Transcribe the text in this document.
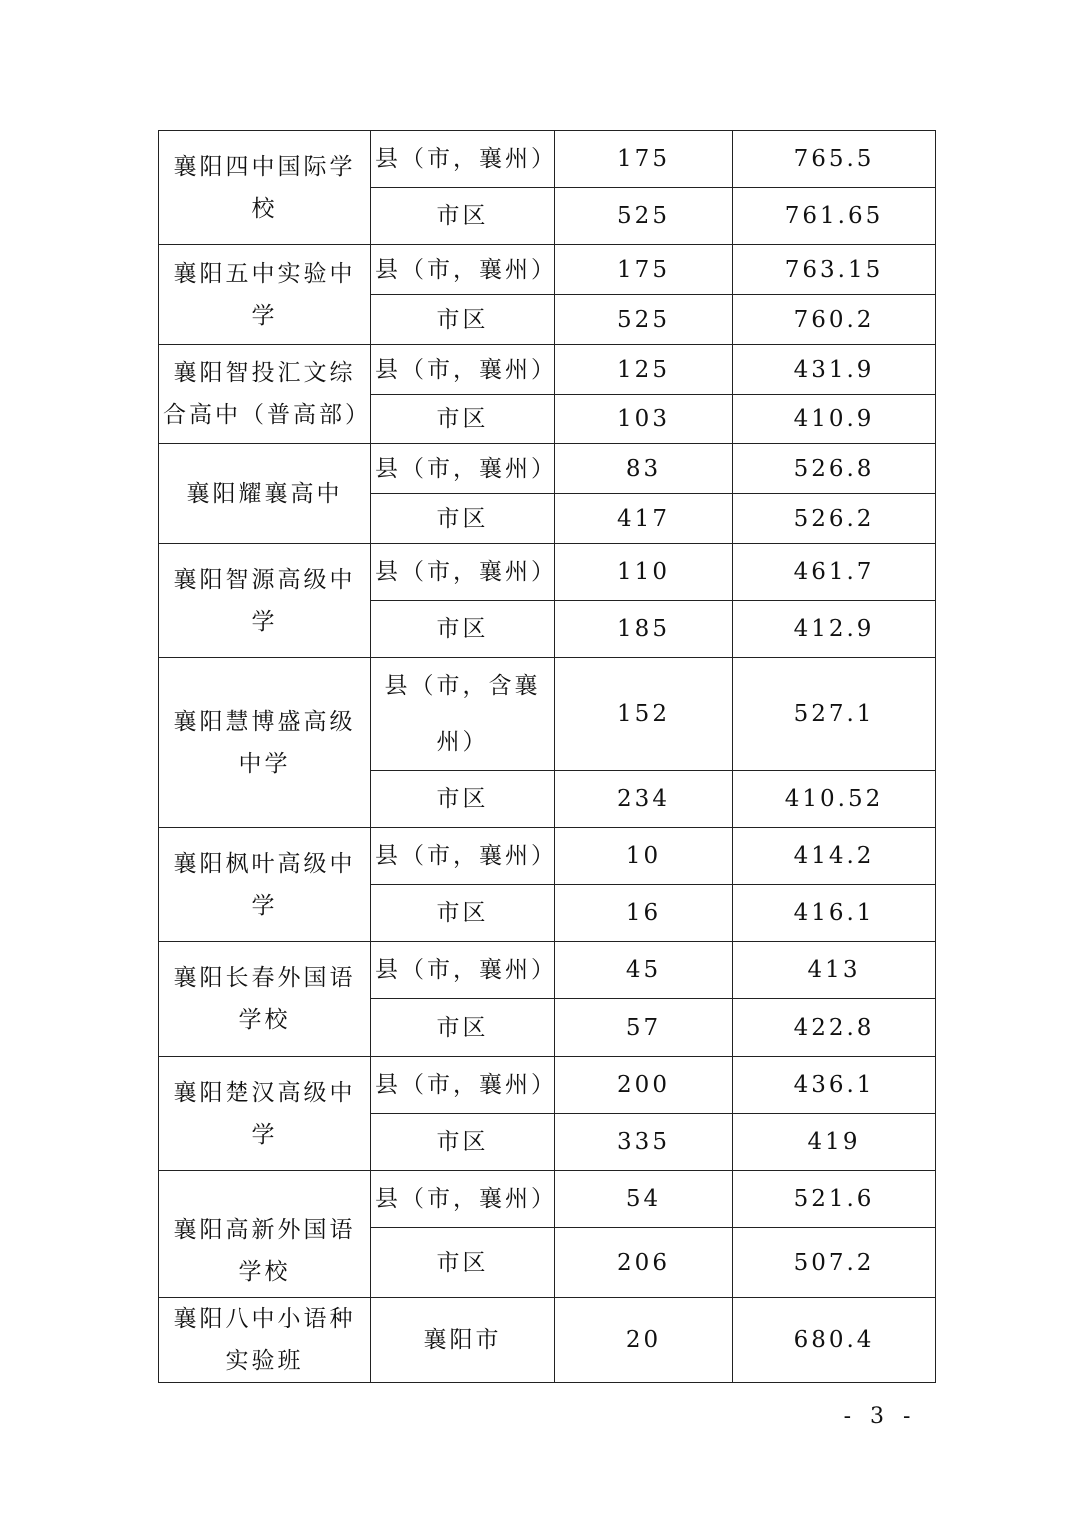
襄阳四中国际学校	县（市，襄州）	175	765.5
	市区	525	761.65
襄阳五中实验中学	县（市，襄州）	175	763.15
	市区	525	760.2
襄阳智投汇文综合高中（普高部）	县（市，襄州）	125	431.9
	市区	103	410.9
襄阳耀襄高中	县（市，襄州）	83	526.8
	市区	417	526.2
襄阳智源高级中学	县（市，襄州）	110	461.7
	市区	185	412.9
襄阳慧博盛高级中学	县（市，含襄州）	152	527.1
	市区	234	410.52
襄阳枫叶高级中学	县（市，襄州）	10	414.2
	市区	16	416.1
襄阳长春外国语学校	县（市，襄州）	45	413
	市区	57	422.8
襄阳楚汉高级中学	县（市，襄州）	200	436.1
	市区	335	419
襄阳高新外国语学校	县（市，襄州）	54	521.6
	市区	206	507.2
襄阳八中小语种实验班	襄阳市	20	680.4
- 3 -
